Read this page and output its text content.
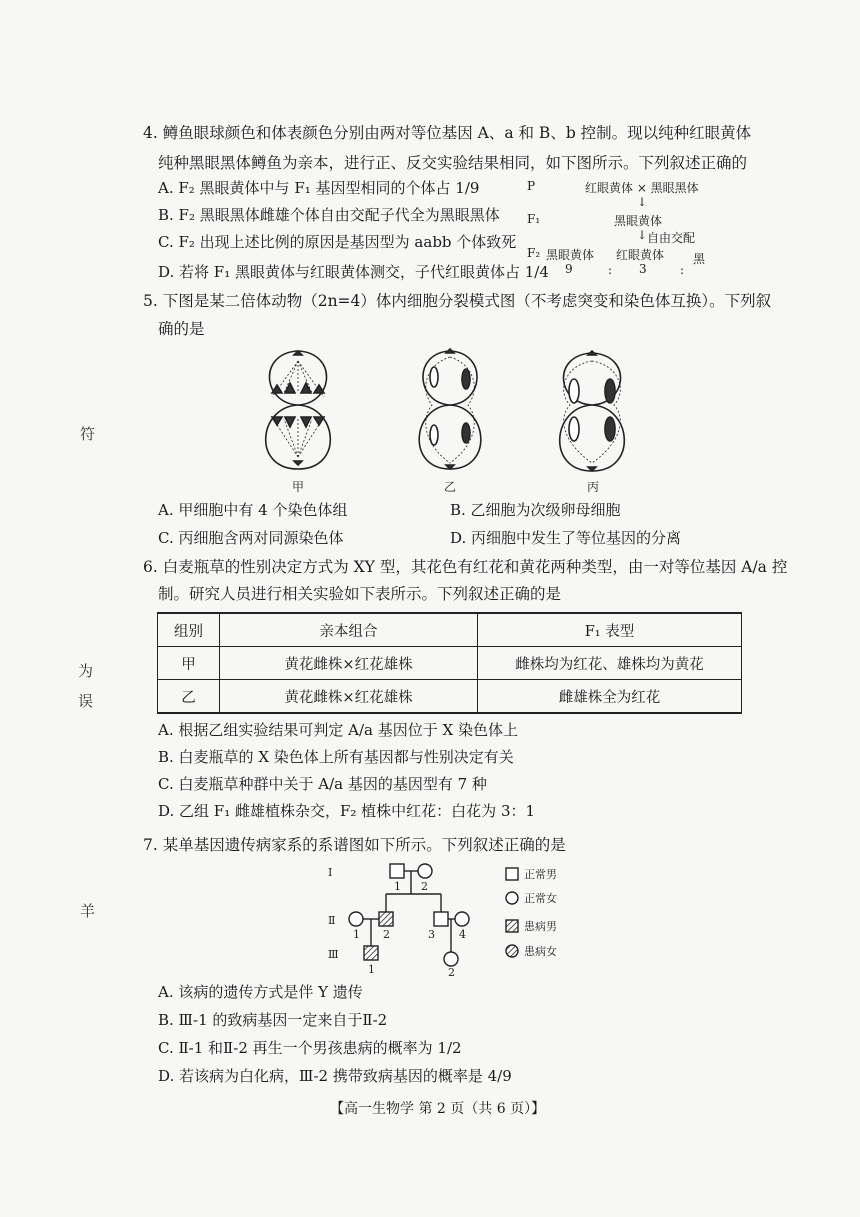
符
为
误
羊
4. 鳟鱼眼球颜色和体表颜色分别由两对等位基因 A、a 和 B、b 控制。现以纯种红眼黄体
纯种黑眼黑体鳟鱼为亲本，进行正、反交实验结果相同，如下图所示。下列叙述正确的
A. F₂ 黑眼黄体中与 F₁ 基因型相同的个体占 1/9
B. F₂ 黑眼黑体雌雄个体自由交配子代全为黑眼黑体
C. F₂ 出现上述比例的原因是基因型为 aabb 个体致死
D. 若将 F₁ 黑眼黄体与红眼黄体测交，子代红眼黄体占 1/4
P	红眼黄体 × 黑眼黑体
↓
F₁	黑眼黄体
↓ 自由交配
F₂ 黑眼黄体 红眼黄体 黑
9	: 3	:
5. 下图是某二倍体动物（2n=4）体内细胞分裂模式图（不考虑突变和染色体互换）。下列叙
确的是
甲	乙	丙
A. 甲细胞中有 4 个染色体组	B. 乙细胞为次级卵母细胞
C. 丙细胞含两对同源染色体	D. 丙细胞中发生了等位基因的分离
6. 白麦瓶草的性别决定方式为 XY 型，其花色有红花和黄花两种类型，由一对等位基因 A/a 控
制。研究人员进行相关实验如下表所示。下列叙述正确的是
组别	亲本组合	F₁ 表型
甲	黄花雌株×红花雄株	雌株均为红花、雄株均为黄花
乙	黄花雌株×红花雄株	雌雄株全为红花
A. 根据乙组实验结果可判定 A/a 基因位于 X 染色体上
B. 白麦瓶草的 X 染色体上所有基因都与性别决定有关
C. 白麦瓶草种群中关于 A/a 基因的基因型有 7 种
D. 乙组 F₁ 雌雄植株杂交，F₂ 植株中红花：白花为 3：1
7. 某单基因遗传病家系的系谱图如下所示。下列叙述正确的是
I
Ⅱ
Ⅲ
1 2
1 2	3 4
1	2
正常男
正常女
患病男
患病女
A. 该病的遗传方式是伴 Y 遗传
B. Ⅲ-1 的致病基因一定来自于Ⅱ-2
C. Ⅱ-1 和Ⅱ-2 再生一个男孩患病的概率为 1/2
D. 若该病为白化病，Ⅲ-2 携带致病基因的概率是 4/9
【高一生物学 第 2 页（共 6 页）】
